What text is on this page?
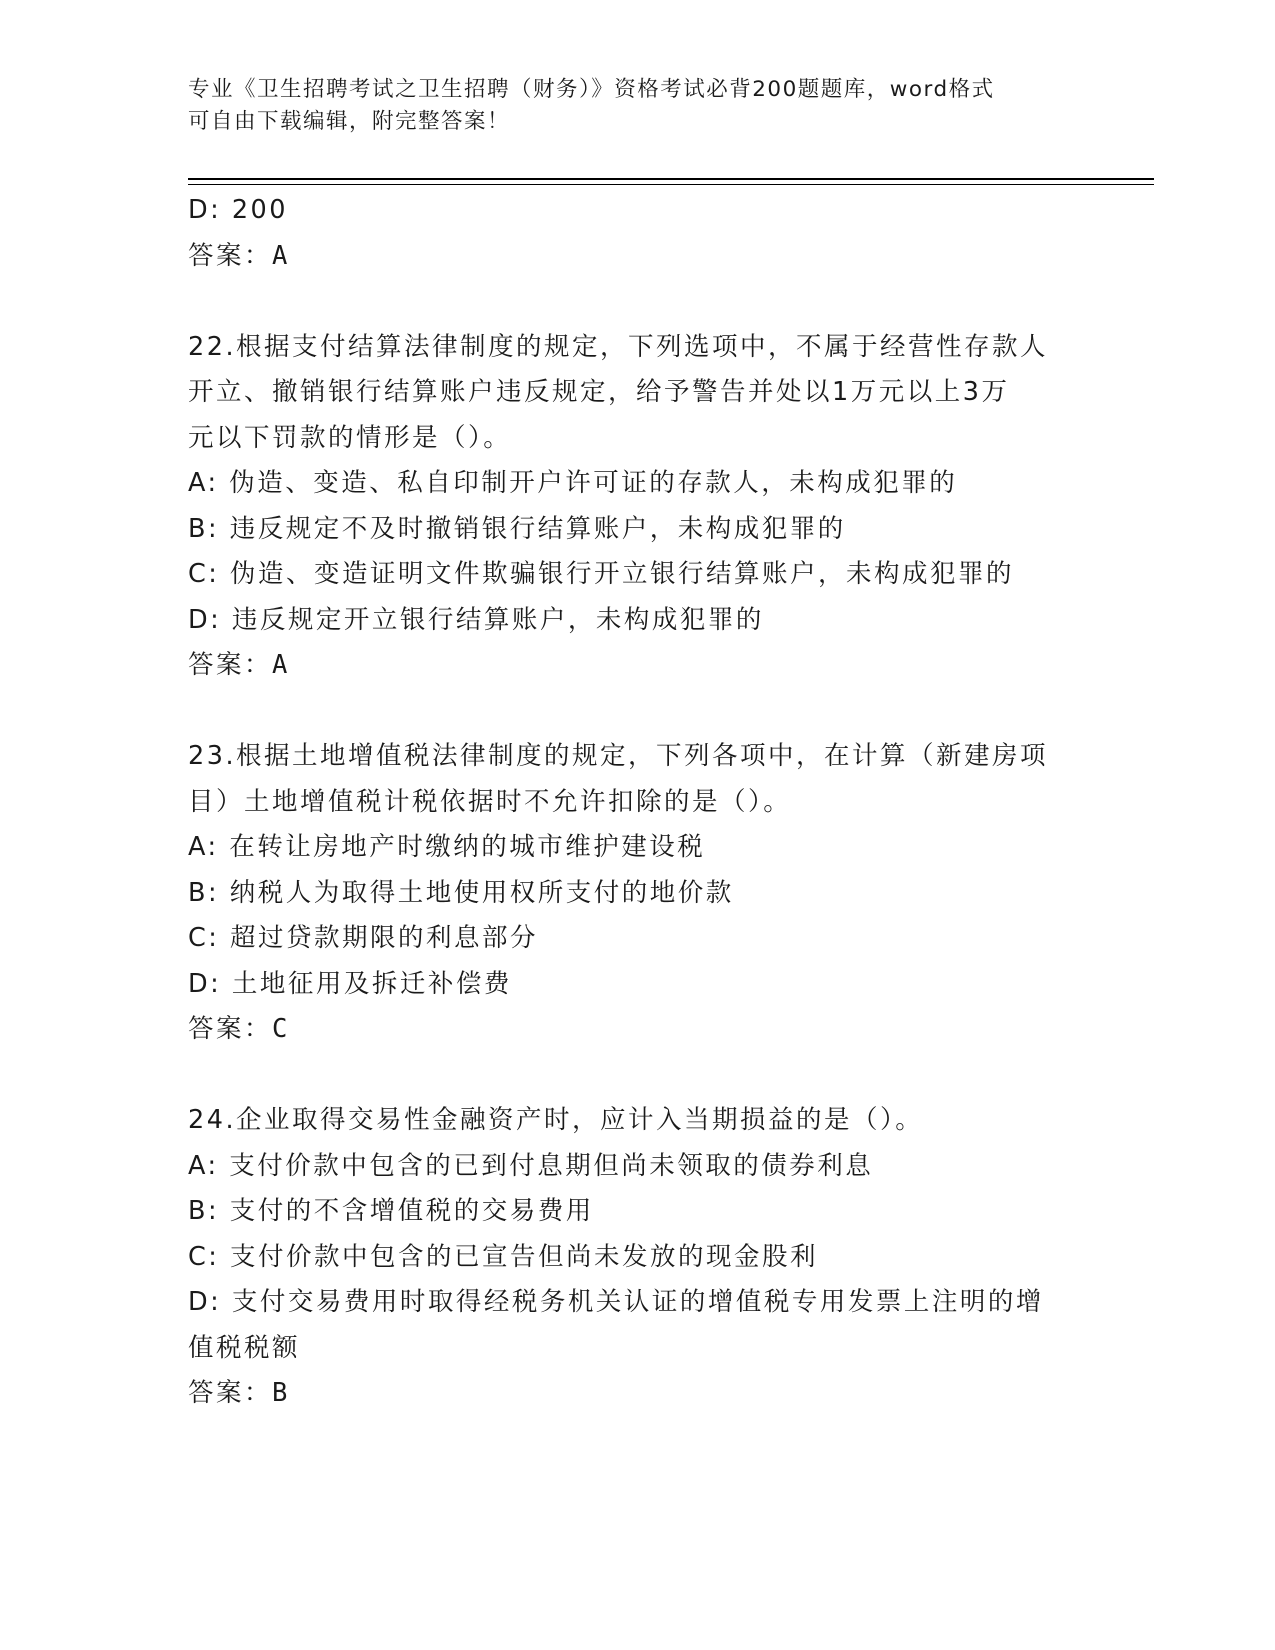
专业《卫生招聘考试之卫生招聘（财务）》资格考试必背200题题库，word格式
可自由下载编辑，附完整答案！
D: 200
答案：A
22.根据支付结算法律制度的规定，下列选项中，不属于经营性存款人
开立、撤销银行结算账户违反规定，给予警告并处以1万元以上3万
元以下罚款的情形是（）。
A: 伪造、变造、私自印制开户许可证的存款人，未构成犯罪的
B: 违反规定不及时撤销银行结算账户，未构成犯罪的
C: 伪造、变造证明文件欺骗银行开立银行结算账户，未构成犯罪的
D: 违反规定开立银行结算账户，未构成犯罪的
答案：A
23.根据土地增值税法律制度的规定，下列各项中，在计算（新建房项
目）土地增值税计税依据时不允许扣除的是（）。
A: 在转让房地产时缴纳的城市维护建设税
B: 纳税人为取得土地使用权所支付的地价款
C: 超过贷款期限的利息部分
D: 土地征用及拆迁补偿费
答案：C
24.企业取得交易性金融资产时，应计入当期损益的是（）。
A: 支付价款中包含的已到付息期但尚未领取的债券利息
B: 支付的不含增值税的交易费用
C: 支付价款中包含的已宣告但尚未发放的现金股利
D: 支付交易费用时取得经税务机关认证的增值税专用发票上注明的增
值税税额
答案：B
